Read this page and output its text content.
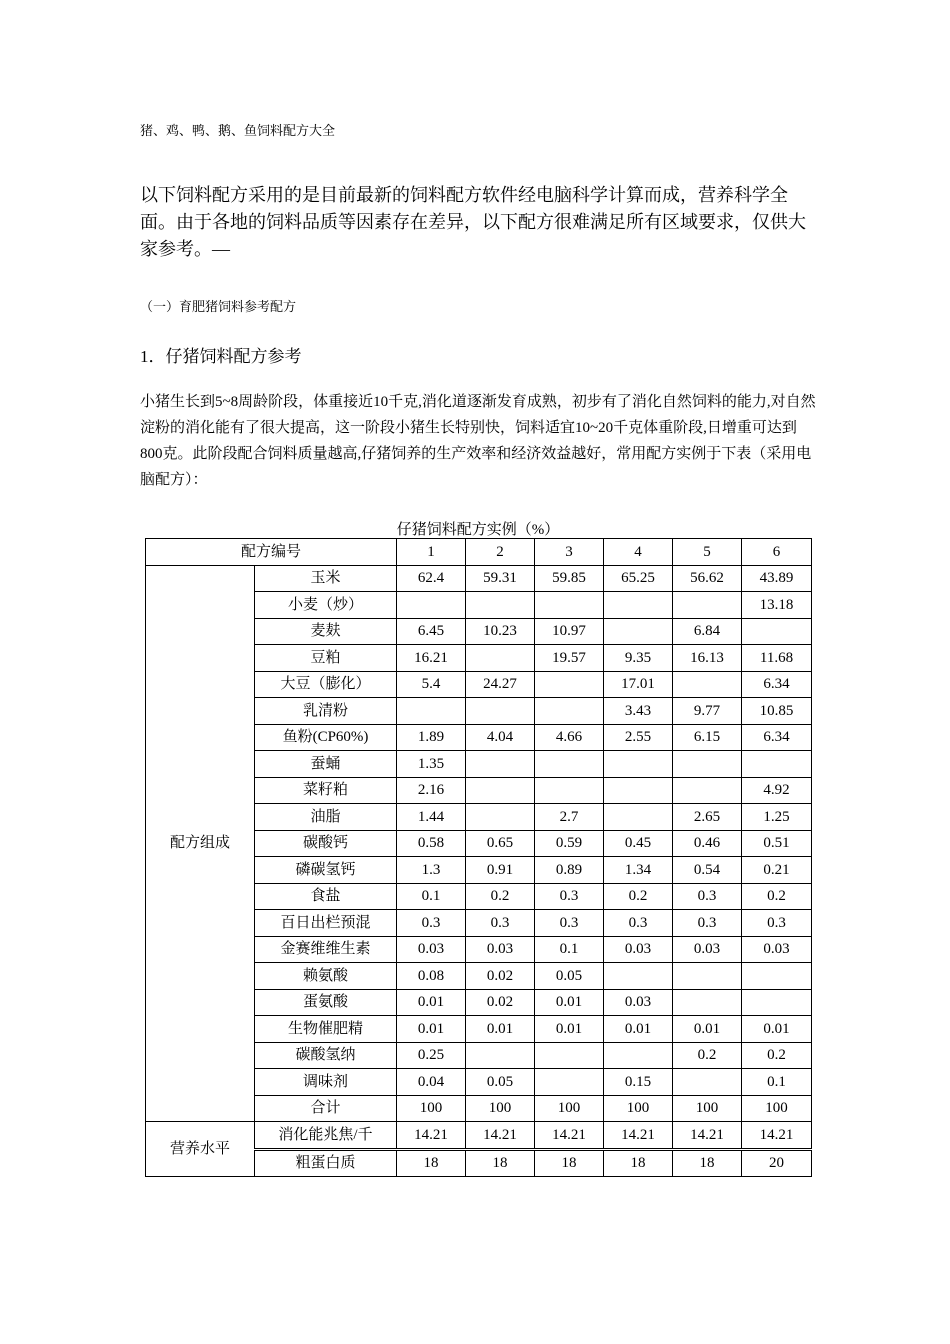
猪、鸡、鸭、鹅、鱼饲料配方大全
以下饲料配方采用的是目前最新的饲料配方软件经电脑科学计算而成，营养科学全面。由于各地的饲料品质等因素存在差异，以下配方很难满足所有区域要求，仅供大家参考。—
（一）育肥猪饲料参考配方
1．仔猪饲料配方参考
小猪生长到5~8周龄阶段，体重接近10千克,消化道逐渐发育成熟，初步有了消化自然饲料的能力,对自然淀粉的消化能有了很大提高，这一阶段小猪生长特别快，饲料适宜10~20千克体重阶段,日增重可达到800克。此阶段配合饲料质量越高,仔猪饲养的生产效率和经济效益越好，常用配方实例于下表（采用电脑配方）：
仔猪饲料配方实例（%）
配方编号		1	2	3	4	5	6
配方组成	玉米	62.4	59.31	59.85	65.25	56.62	43.89
	小麦（炒）						13.18
	麦麸	6.45	10.23	10.97		6.84	
	豆粕	16.21		19.57	9.35	16.13	11.68
	大豆（膨化）	5.4	24.27		17.01		6.34
	乳清粉				3.43	9.77	10.85
	鱼粉(CP60%)	1.89	4.04	4.66	2.55	6.15	6.34
	蚕蛹	1.35					
	菜籽粕	2.16					4.92
	油脂	1.44		2.7		2.65	1.25
	碳酸钙	0.58	0.65	0.59	0.45	0.46	0.51
	磷碳氢钙	1.3	0.91	0.89	1.34	0.54	0.21
	食盐	0.1	0.2	0.3	0.2	0.3	0.2
	百日出栏预混	0.3	0.3	0.3	0.3	0.3	0.3
	金赛维维生素	0.03	0.03	0.1	0.03	0.03	0.03
	赖氨酸	0.08	0.02	0.05			
	蛋氨酸	0.01	0.02	0.01	0.03		
	生物催肥精	0.01	0.01	0.01	0.01	0.01	0.01
	碳酸氢纳	0.25				0.2	0.2
	调味剂	0.04	0.05		0.15		0.1
	合计	100	100	100	100	100	100
营养水平	消化能兆焦/千	14.21	14.21	14.21	14.21	14.21	14.21
	粗蛋白质	18	18	18	18	18	20
